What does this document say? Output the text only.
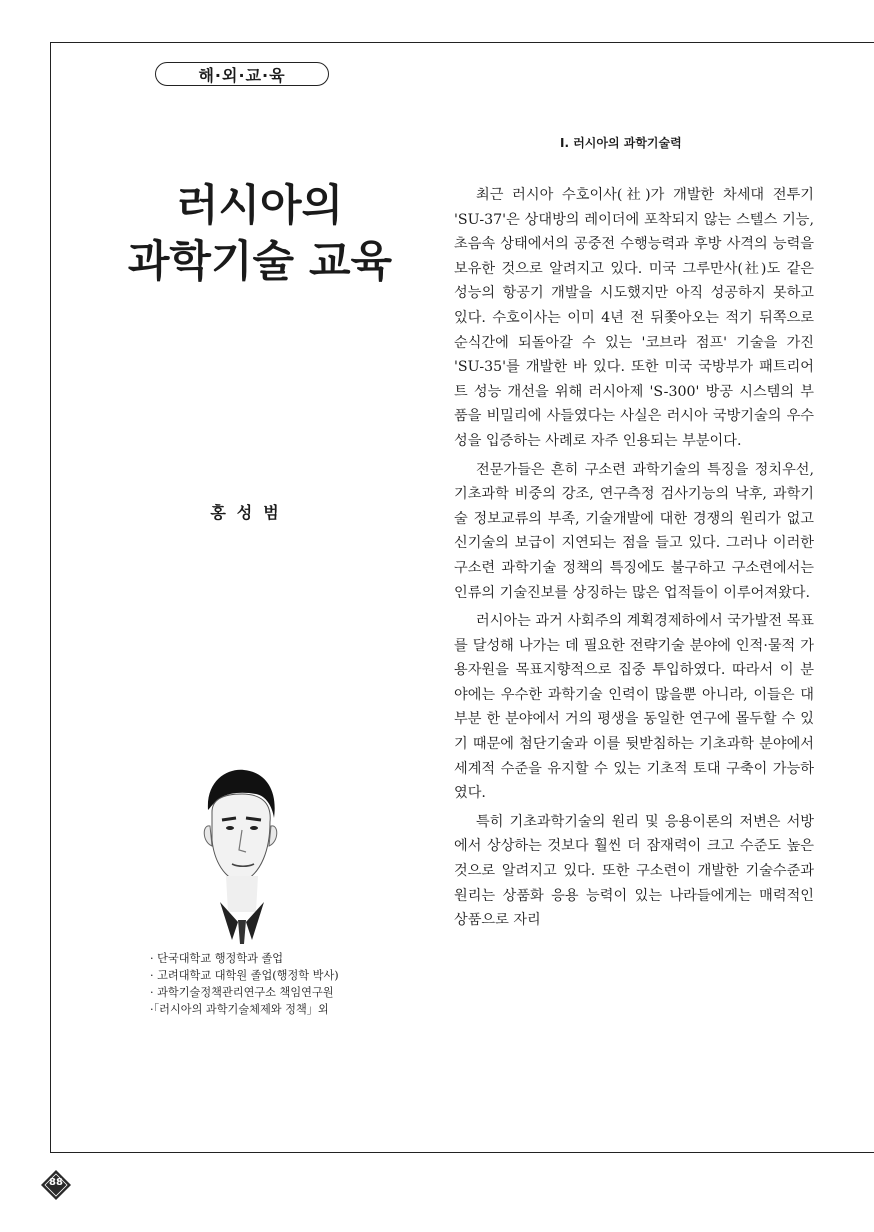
해·외·교·육
러시아의
과학기술 교육
홍성범
· 단국대학교 행정학과 졸업
· 고려대학교 대학원 졸업(행정학 박사)
· 과학기술정책관리연구소 책임연구원
·「러시아의 과학기술체제와 정책」외
Ⅰ. 러시아의 과학기술력

최근 러시아 수호이사(社)가 개발한 차세대 전투기 'SU-37'은 상대방의 레이더에 포착되지 않는 스텔스 기능, 초음속 상태에서의 공중전 수행능력과 후방 사격의 능력을 보유한 것으로 알려지고 있다. 미국 그루만사(社)도 같은 성능의 항공기 개발을 시도했지만 아직 성공하지 못하고 있다. 수호이사는 이미 4년 전 뒤쫓아오는 적기 뒤쪽으로 순식간에 되돌아갈 수 있는 '코브라 점프' 기술을 가진 'SU-35'를 개발한 바 있다. 또한 미국 국방부가 패트리어트 성능 개선을 위해 러시아제 'S-300' 방공 시스템의 부품을 비밀리에 사들였다는 사실은 러시아 국방기술의 우수성을 입증하는 사례로 자주 인용되는 부분이다.

전문가들은 흔히 구소련 과학기술의 특징을 정치우선, 기초과학 비중의 강조, 연구측정 검사기능의 낙후, 과학기술 정보교류의 부족, 기술개발에 대한 경쟁의 원리가 없고 신기술의 보급이 지연되는 점을 들고 있다. 그러나 이러한 구소련 과학기술 정책의 특징에도 불구하고 구소련에서는 인류의 기술진보를 상징하는 많은 업적들이 이루어져왔다.

러시아는 과거 사회주의 계획경제하에서 국가발전 목표를 달성해 나가는 데 필요한 전략기술 분야에 인적·물적 가용자원을 목표지향적으로 집중 투입하였다. 따라서 이 분야에는 우수한 과학기술 인력이 많을뿐 아니라, 이들은 대부분 한 분야에서 거의 평생을 동일한 연구에 몰두할 수 있기 때문에 첨단기술과 이를 뒷받침하는 기초과학 분야에서 세계적 수준을 유지할 수 있는 기초적 토대 구축이 가능하였다.

특히 기초과학기술의 원리 및 응용이론의 저변은 서방에서 상상하는 것보다 훨씬 더 잠재력이 크고 수준도 높은 것으로 알려지고 있다. 또한 구소련이 개발한 기술수준과 원리는 상품화 응용 능력이 있는 나라들에게는 매력적인 상품으로 자리

88
